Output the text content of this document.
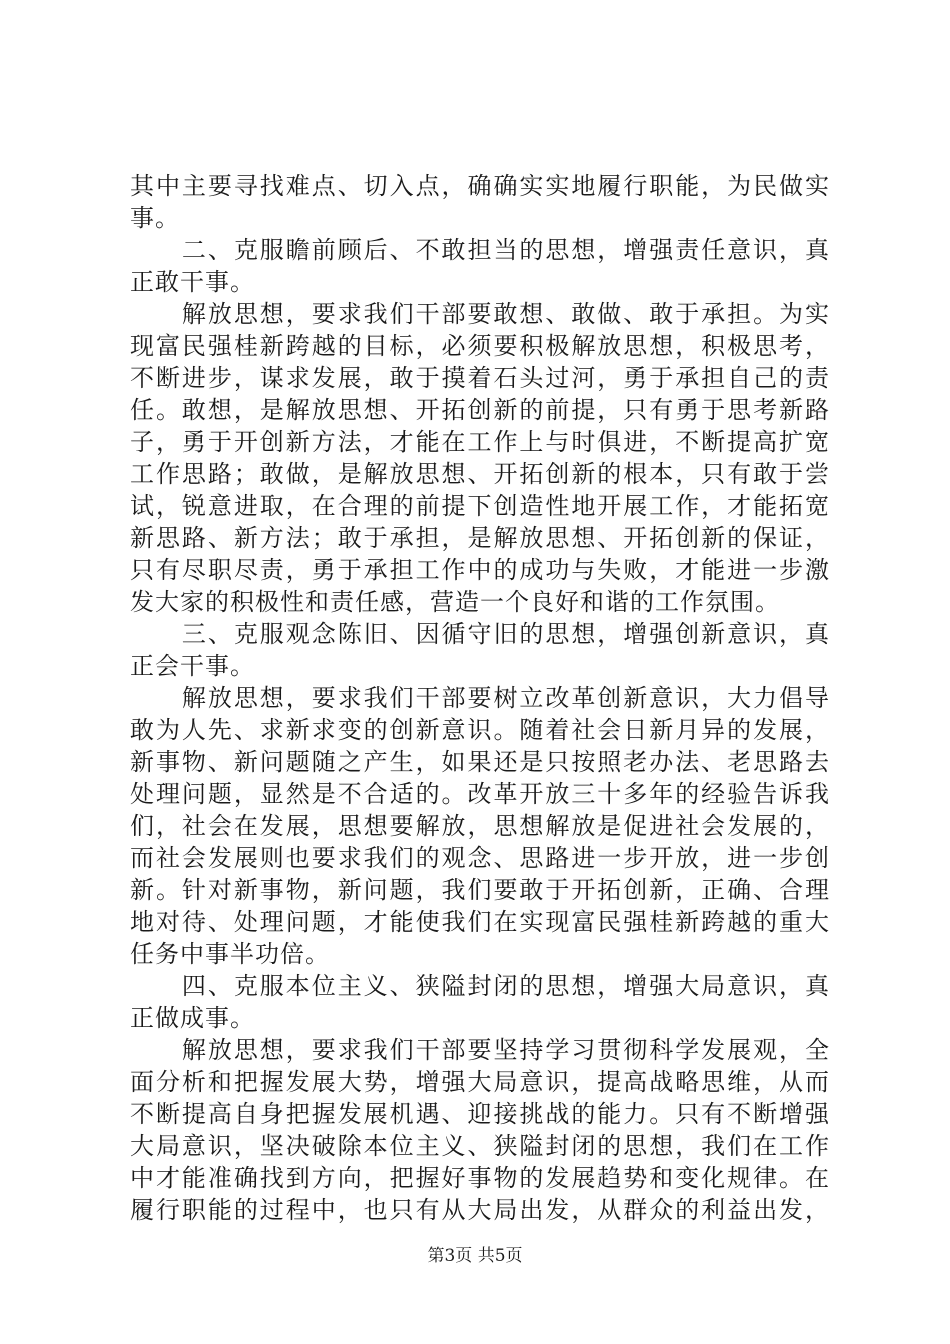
其中主要寻找难点、切入点，确确实实地履行职能，为民做实
事。
　　二、克服瞻前顾后、不敢担当的思想，增强责任意识，真
正敢干事。
　　解放思想，要求我们干部要敢想、敢做、敢于承担。为实
现富民强桂新跨越的目标，必须要积极解放思想，积极思考，
不断进步，谋求发展，敢于摸着石头过河，勇于承担自己的责
任。敢想，是解放思想、开拓创新的前提，只有勇于思考新路
子，勇于开创新方法，才能在工作上与时俱进，不断提高扩宽
工作思路；敢做，是解放思想、开拓创新的根本，只有敢于尝
试，锐意进取，在合理的前提下创造性地开展工作，才能拓宽
新思路、新方法；敢于承担，是解放思想、开拓创新的保证，
只有尽职尽责，勇于承担工作中的成功与失败，才能进一步激
发大家的积极性和责任感，营造一个良好和谐的工作氛围。
　　三、克服观念陈旧、因循守旧的思想，增强创新意识，真
正会干事。
　　解放思想，要求我们干部要树立改革创新意识，大力倡导
敢为人先、求新求变的创新意识。随着社会日新月异的发展，
新事物、新问题随之产生，如果还是只按照老办法、老思路去
处理问题，显然是不合适的。改革开放三十多年的经验告诉我
们，社会在发展，思想要解放，思想解放是促进社会发展的，
而社会发展则也要求我们的观念、思路进一步开放，进一步创
新。针对新事物，新问题，我们要敢于开拓创新，正确、合理
地对待、处理问题，才能使我们在实现富民强桂新跨越的重大
任务中事半功倍。
　　四、克服本位主义、狭隘封闭的思想，增强大局意识，真
正做成事。
　　解放思想，要求我们干部要坚持学习贯彻科学发展观，全
面分析和把握发展大势，增强大局意识，提高战略思维，从而
不断提高自身把握发展机遇、迎接挑战的能力。只有不断增强
大局意识，坚决破除本位主义、狭隘封闭的思想，我们在工作
中才能准确找到方向，把握好事物的发展趋势和变化规律。在
履行职能的过程中，也只有从大局出发，从群众的利益出发，
第3页 共5页
